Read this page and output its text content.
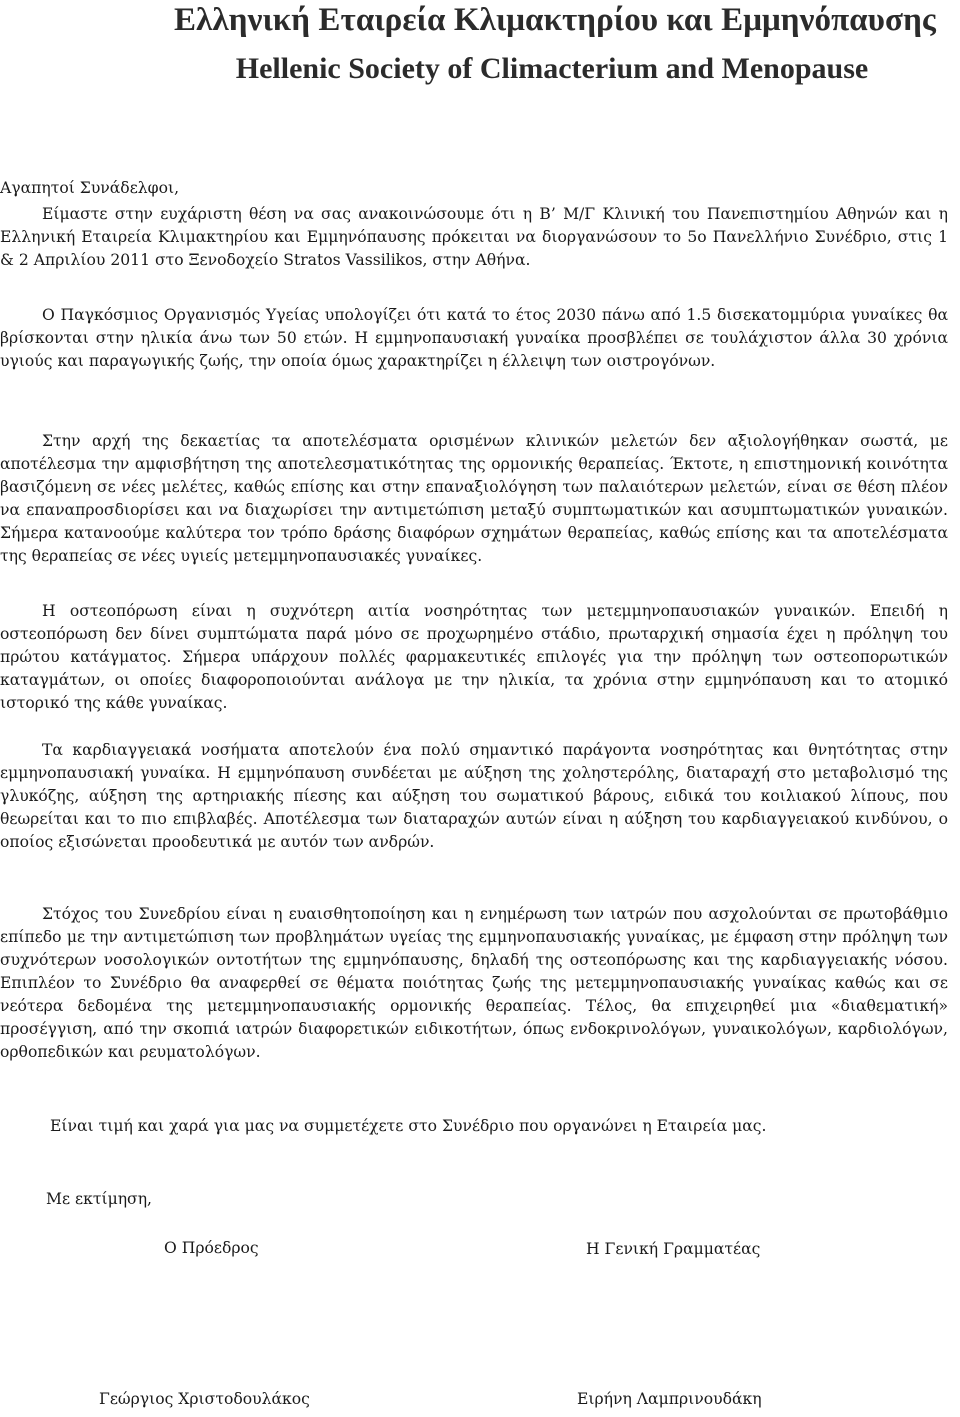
Ελληνική Εταιρεία Κλιμακτηρίου και Εμμηνόπαυσης
Hellenic Society of Climacterium and Menopause
Αγαπητοί Συνάδελφοι,

Είμαστε στην ευχάριστη θέση να σας ανακοινώσουμε ότι η Β’ Μ/Γ Κλινική του Πανεπιστημίου Αθηνών και η Ελληνική Εταιρεία Κλιμακτηρίου και Εμμηνόπαυσης πρόκειται να διοργανώσουν το 5ο Πανελλήνιο Συνέδριο, στις 1 & 2 Απριλίου 2011 στο Ξενοδοχείο Stratos Vassilikos, στην Αθήνα.

Ο Παγκόσμιος Οργανισμός Υγείας υπολογίζει ότι κατά το έτος 2030 πάνω από 1.5 δισεκατομμύρια γυναίκες θα βρίσκονται στην ηλικία άνω των 50 ετών. Η εμμηνοπαυσιακή γυναίκα προσβλέπει σε τουλάχιστον άλλα 30 χρόνια υγιούς και παραγωγικής ζωής, την οποία όμως χαρακτηρίζει η έλλειψη των οιστρογόνων.

Στην αρχή της δεκαετίας τα αποτελέσματα ορισμένων κλινικών μελετών δεν αξιολογήθηκαν σωστά, με αποτέλεσμα την αμφισβήτηση της αποτελεσματικότητας της ορμονικής θεραπείας. Έκτοτε, η επιστημονική κοινότητα βασιζόμενη σε νέες μελέτες, καθώς επίσης και στην επαναξιολόγηση των παλαιότερων μελετών, είναι σε θέση πλέον να επαναπροσδιορίσει και να διαχωρίσει την αντιμετώπιση μεταξύ συμπτωματικών και ασυμπτωματικών γυναικών. Σήμερα κατανοούμε καλύτερα τον τρόπο δράσης διαφόρων σχημάτων θεραπείας, καθώς επίσης και τα αποτελέσματα της θεραπείας σε νέες υγιείς μετεμμηνοπαυσιακές γυναίκες.

Η οστεοπόρωση είναι η συχνότερη αιτία νοσηρότητας των μετεμμηνοπαυσιακών γυναικών. Επειδή η οστεοπόρωση δεν δίνει συμπτώματα παρά μόνο σε προχωρημένο στάδιο, πρωταρχική σημασία έχει η πρόληψη του πρώτου κατάγματος. Σήμερα υπάρχουν πολλές φαρμακευτικές επιλογές για την πρόληψη των οστεοπορωτικών καταγμάτων, οι οποίες διαφοροποιούνται ανάλογα με την ηλικία, τα χρόνια στην εμμηνόπαυση και το ατομικό ιστορικό της κάθε γυναίκας.

Τα καρδιαγγειακά νοσήματα αποτελούν ένα πολύ σημαντικό παράγοντα νοσηρότητας και θνητότητας στην εμμηνοπαυσιακή γυναίκα. Η εμμηνόπαυση συνδέεται με αύξηση της χοληστερόλης, διαταραχή στο μεταβολισμό της γλυκόζης, αύξηση της αρτηριακής πίεσης και αύξηση του σωματικού βάρους, ειδικά του κοιλιακού λίπους, που θεωρείται και το πιο επιβλαβές. Αποτέλεσμα των διαταραχών αυτών είναι η αύξηση του καρδιαγγειακού κινδύνου, ο οποίος εξισώνεται προοδευτικά με αυτόν των ανδρών.

Στόχος του Συνεδρίου είναι η ευαισθητοποίηση και η ενημέρωση των ιατρών που ασχολούνται σε πρωτοβάθμιο επίπεδο με την αντιμετώπιση των προβλημάτων υγείας της εμμηνοπαυσιακής γυναίκας, με έμφαση στην πρόληψη των συχνότερων νοσολογικών οντοτήτων της εμμηνόπαυσης, δηλαδή της οστεοπόρωσης και της καρδιαγγειακής νόσου. Επιπλέον το Συνέδριο θα αναφερθεί σε θέματα ποιότητας ζωής της μετεμμηνοπαυσιακής γυναίκας καθώς και σε νεότερα δεδομένα της μετεμμηνοπαυσιακής ορμονικής θεραπείας. Τέλος, θα επιχειρηθεί μια «διαθεματική» προσέγγιση, από την σκοπιά ιατρών διαφορετικών ειδικοτήτων, όπως ενδοκρινολόγων, γυναικολόγων, καρδιολόγων, ορθοπεδικών και ρευματολόγων.

Είναι τιμή και χαρά για μας να συμμετέχετε στο Συνέδριο που οργανώνει η Εταιρεία μας.

Με εκτίμηση,
Ο Πρόεδρος	Η Γενική Γραμματέας
Γεώργιος Χριστοδουλάκος	Ειρήνη Λαμπρινουδάκη
